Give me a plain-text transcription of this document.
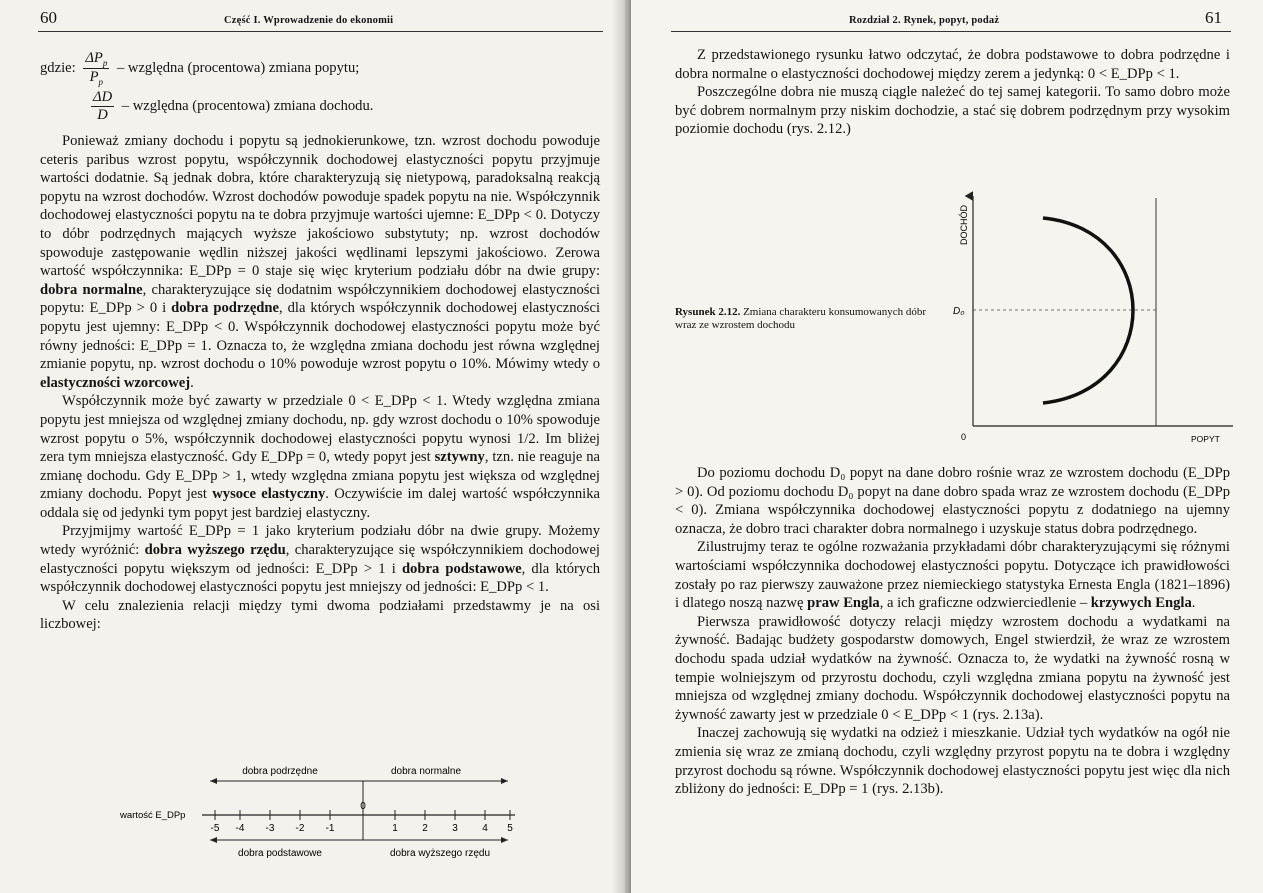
60	Część I. Wprowadzenie do ekonomii
gdzie: $\frac{\Delta P_p}{P_p}$ – względna (procentowa) zmiana popytu;
$\frac{\Delta D}{D}$ – względna (procentowa) zmiana dochodu.

Ponieważ zmiany dochodu i popytu są jednokierunkowe, tzn. wzrost dochodu powoduje ceteris paribus wzrost popytu, współczynnik dochodowej elastyczności popytu przyjmuje wartości dodatnie. Są jednak dobra, które charakteryzują się nietypową, paradoksalną reakcją popytu na wzrost dochodów. Wzrost dochodów powoduje spadek popytu na nie. Współczynnik dochodowej elastyczności popytu na te dobra przyjmuje wartości ujemne: E_DPp < 0. Dotyczy to dóbr podrzędnych mających wyższe jakościowo substytuty; np. wzrost dochodów spowoduje zastępowanie wędlin niższej jakości wędlinami lepszymi jakościowo. Zerowa wartość współczynnika: E_DPp = 0 staje się więc kryterium podziału dóbr na dwie grupy: dobra normalne, charakteryzujące się dodatnim współczynnikiem dochodowej elastyczności popytu: E_DPp > 0 i dobra podrzędne, dla których współczynnik dochodowej elastyczności popytu jest ujemny: E_DPp < 0. Współczynnik dochodowej elastyczności popytu może być równy jedności: E_DPp = 1. Oznacza to, że względna zmiana dochodu jest równa względnej zmianie popytu, np. wzrost dochodu o 10% powoduje wzrost popytu o 10%. Mówimy wtedy o elastyczności wzorcowej.

Współczynnik może być zawarty w przedziale 0 < E_DPp < 1. Wtedy względna zmiana popytu jest mniejsza od względnej zmiany dochodu, np. gdy wzrost dochodu o 10% spowoduje wzrost popytu o 5%, współczynnik dochodowej elastyczności popytu wynosi 1/2. Im bliżej zera tym mniejsza elastyczność. Gdy E_DPp = 0, wtedy popyt jest sztywny, tzn. nie reaguje na zmianę dochodu. Gdy E_DPp > 1, wtedy względna zmiana popytu jest większa od względnej zmiany dochodu. Popyt jest wysoce elastyczny. Oczywiście im dalej wartość współczynnika oddala się od jedynki tym popyt jest bardziej elastyczny.

Przyjmijmy wartość E_DPp = 1 jako kryterium podziału dóbr na dwie grupy. Możemy wtedy wyróżnić: dobra wyższego rzędu, charakteryzujące się współczynnikiem dochodowej elastyczności popytu większym od jedności: E_DPp > 1 i dobra podstawowe, dla których współczynnik dochodowej elastyczności popytu jest mniejszy od jedności: E_DPp < 1.

W celu znalezienia relacji między tymi dwoma podziałami przedstawmy je na osi liczbowej:

dobra podrzędne	dobra normalne
0
wartość E_DPp
-5 -4 -3 -2 -1	1 2 3 4 5
dobra podstawowe	dobra wyższego rzędu
Rozdział 2. Rynek, popyt, podaż	61

Z przedstawionego rysunku łatwo odczytać, że dobra podstawowe to dobra podrzędne i dobra normalne o elastyczności dochodowej między zerem a jedynką: 0 < E_DPp < 1.

Poszczególne dobra nie muszą ciągle należeć do tej samej kategorii. To samo dobro może być dobrem normalnym przy niskim dochodzie, a stać się dobrem podrzędnym przy wysokim poziomie dochodu (rys. 2.12.)

Rysunek 2.12. Zmiana charakteru konsumowanych dóbr wraz ze wzrostem dochodu
DOCHÓD
D₀
0	POPYT

Do poziomu dochodu D₀ popyt na dane dobro rośnie wraz ze wzrostem dochodu (E_DPp > 0). Od poziomu dochodu D₀ popyt na dane dobro spada wraz ze wzrostem dochodu (E_DPp < 0). Zmiana współczynnika dochodowej elastyczności popytu z dodatniego na ujemny oznacza, że dobro traci charakter dobra normalnego i uzyskuje status dobra podrzędnego.

Zilustrujmy teraz te ogólne rozważania przykładami dóbr charakteryzującymi się różnymi wartościami współczynnika dochodowej elastyczności popytu. Dotyczące ich prawidłowości zostały po raz pierwszy zauważone przez niemieckiego statystyka Ernesta Engla (1821–1896) i dlatego noszą nazwę praw Engla, a ich graficzne odzwierciedlenie – krzywych Engla.

Pierwsza prawidłowość dotyczy relacji między wzrostem dochodu a wydatkami na żywność. Badając budżety gospodarstw domowych, Engel stwierdził, że wraz ze wzrostem dochodu spada udział wydatków na żywność. Oznacza to, że wydatki na żywność rosną w tempie wolniejszym od przyrostu dochodu, czyli względna zmiana popytu na żywność jest mniejsza od względnej zmiany dochodu. Współczynnik dochodowej elastyczności popytu na żywność zawarty jest w przedziale 0 < E_DPp < 1 (rys. 2.13a).

Inaczej zachowują się wydatki na odzież i mieszkanie. Udział tych wydatków na ogół nie zmienia się wraz ze zmianą dochodu, czyli względny przyrost popytu na te dobra i względny przyrost dochodu są równe. Współczynnik dochodowej elastyczności popytu jest więc dla nich zbliżony do jedności: E_DPp = 1 (rys. 2.13b).
